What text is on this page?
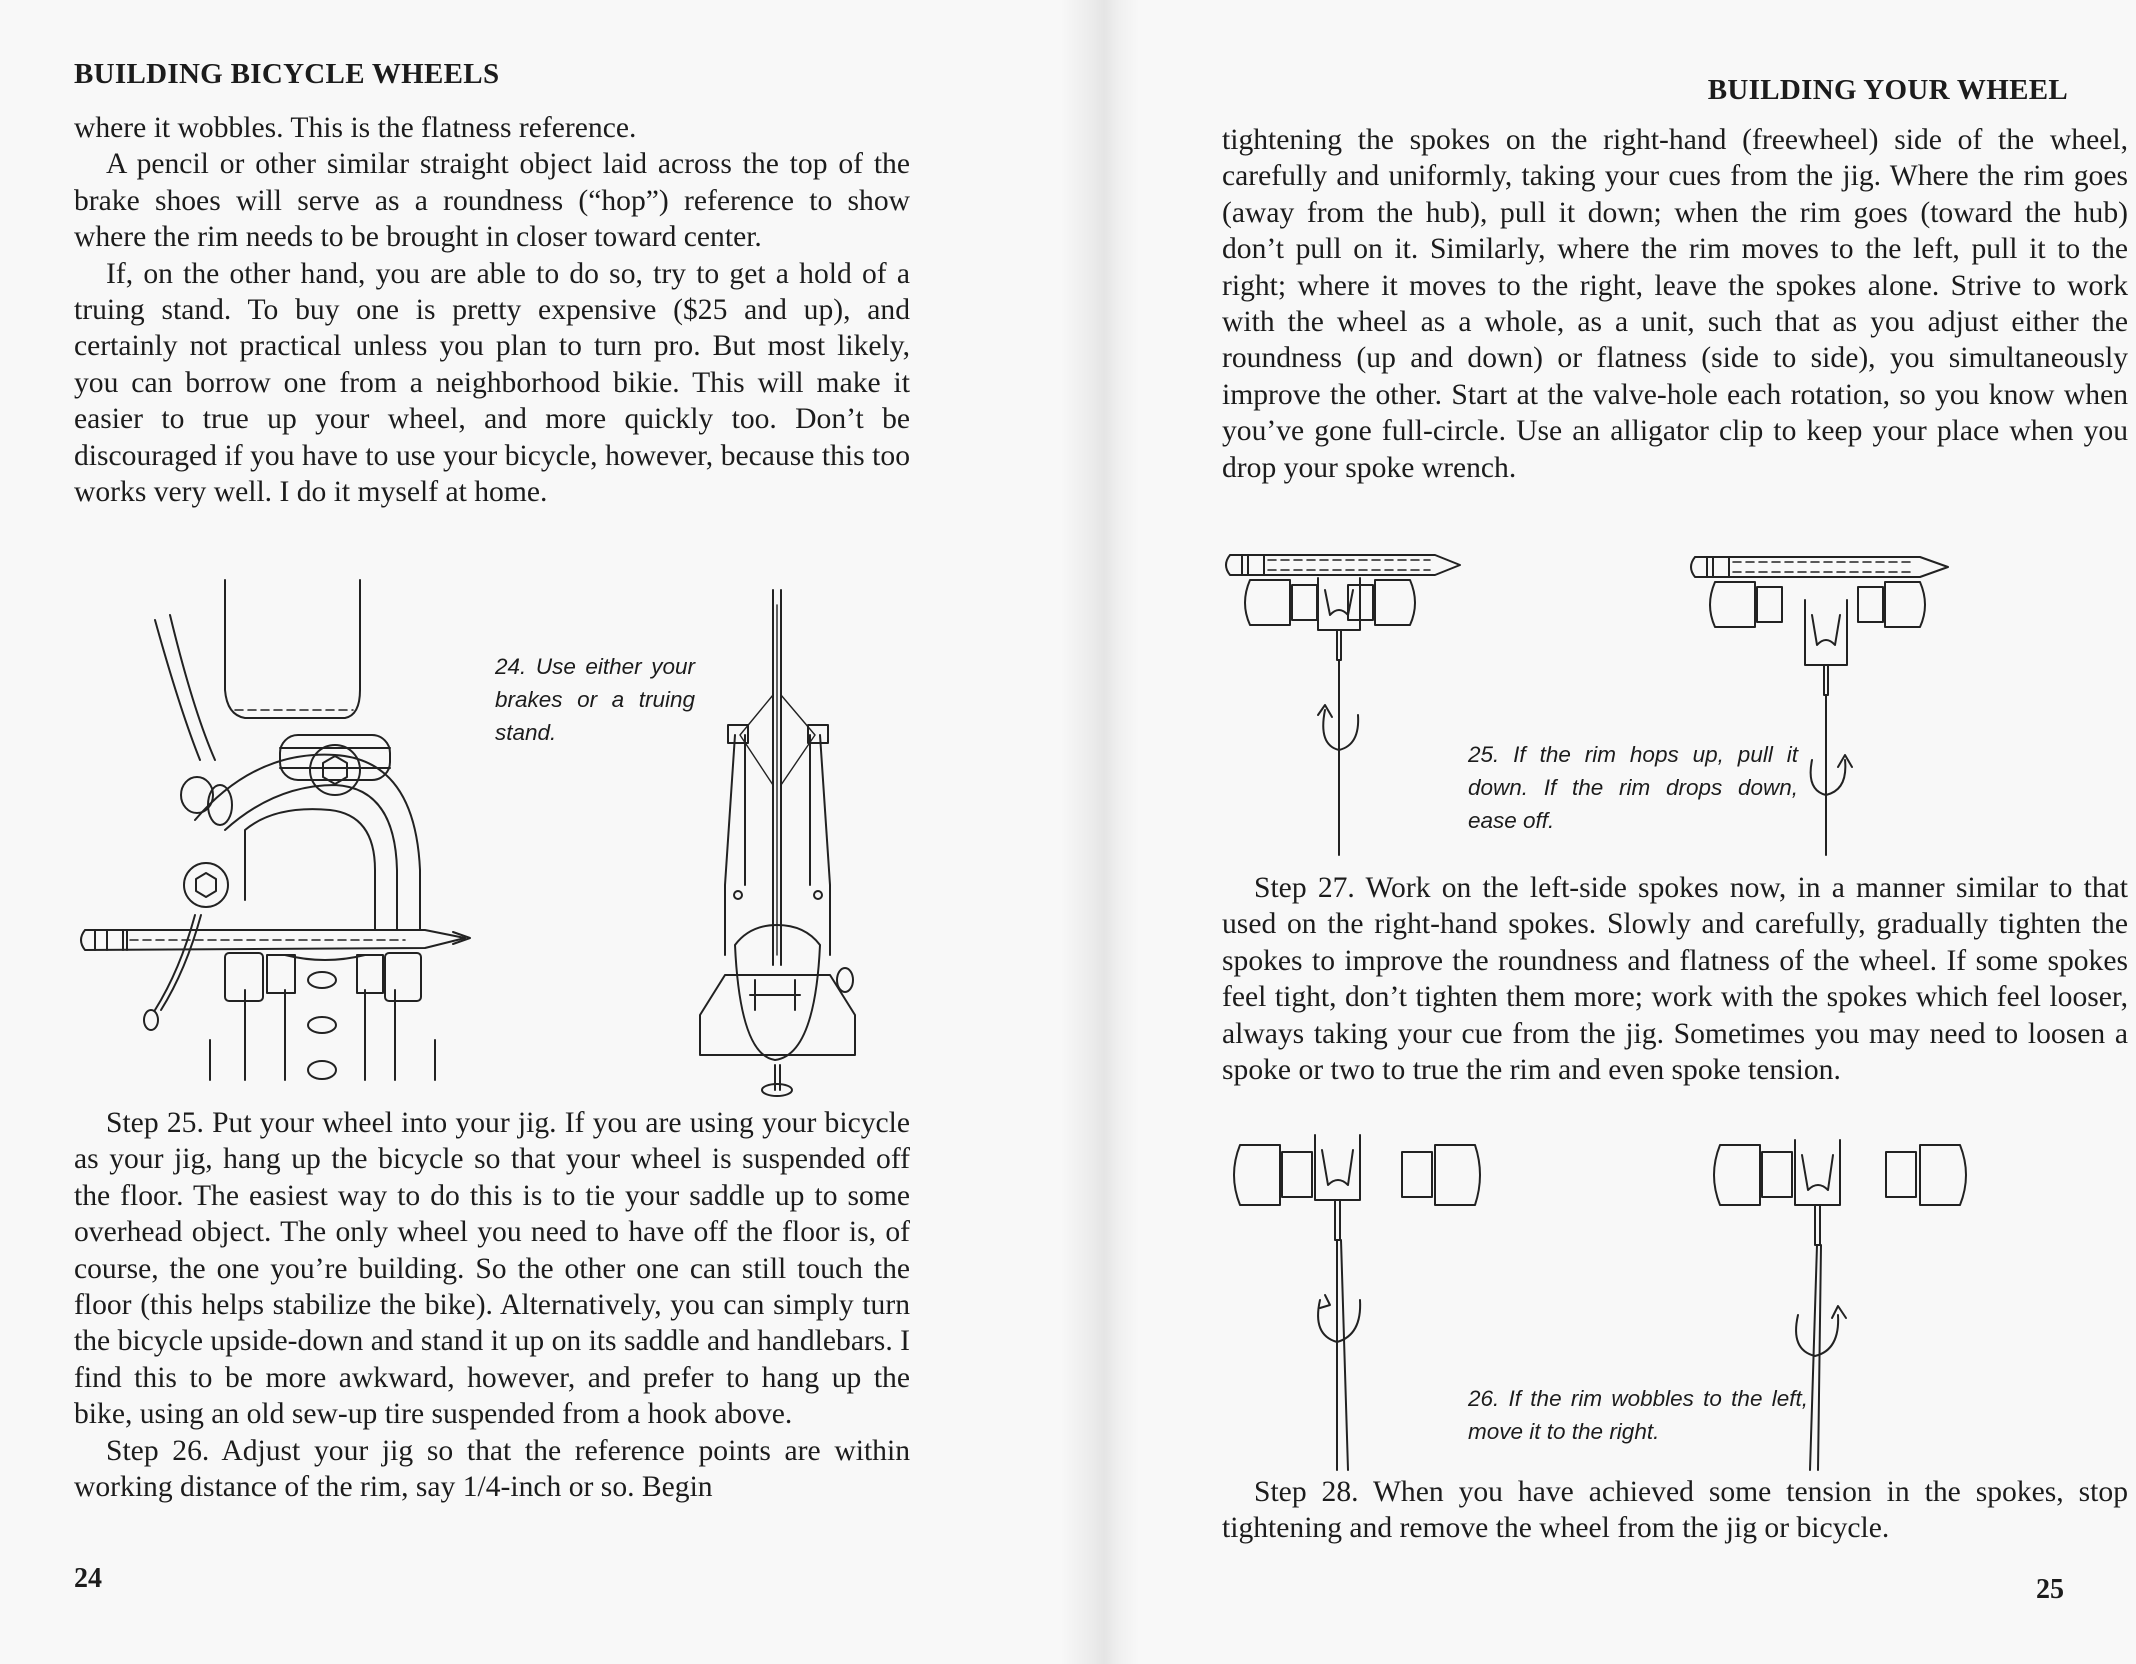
BUILDING BICYCLE WHEELS

where it wobbles. This is the flatness reference.

A pencil or other similar straight object laid across the top of the brake shoes will serve as a roundness (“hop”) reference to show where the rim needs to be brought in closer toward center.

If, on the other hand, you are able to do so, try to get a hold of a truing stand. To buy one is pretty expensive ($25 and up), and certainly not practical unless you plan to turn pro. But most likely, you can borrow one from a neighborhood bikie. This will make it easier to true up your wheel, and more quickly too. Don’t be discouraged if you have to use your bicycle, however, because this too works very well. I do it myself at home.

24. Use either your brakes or a truing stand.

Step 25. Put your wheel into your jig. If you are using your bicycle as your jig, hang up the bicycle so that your wheel is suspended off the floor. The easiest way to do this is to tie your saddle up to some overhead object. The only wheel you need to have off the floor is, of course, the one you’re building. So the other one can still touch the floor (this helps stabilize the bike). Alternatively, you can simply turn the bicycle upside-down and stand it up on its saddle and handlebars. I find this to be more awkward, however, and prefer to hang up the bike, using an old sew-up tire suspended from a hook above.

Step 26. Adjust your jig so that the reference points are within working distance of the rim, say 1/4-inch or so. Begin

24
BUILDING YOUR WHEEL

tightening the spokes on the right-hand (freewheel) side of the wheel, carefully and uniformly, taking your cues from the jig. Where the rim goes (away from the hub), pull it down; when the rim goes (toward the hub) don’t pull on it. Similarly, where the rim moves to the left, pull it to the right; where it moves to the right, leave the spokes alone. Strive to work with the wheel as a whole, as a unit, such that as you adjust either the roundness (up and down) or flatness (side to side), you simultaneously improve the other. Start at the valve-hole each rotation, so you know when you’ve gone full-circle. Use an alligator clip to keep your place when you drop your spoke wrench.

25. If the rim hops up, pull it down. If the rim drops down, ease off.

Step 27. Work on the left-side spokes now, in a manner similar to that used on the right-hand spokes. Slowly and carefully, gradually tighten the spokes to improve the roundness and flatness of the wheel. If some spokes feel tight, don’t tighten them more; work with the spokes which feel looser, always taking your cue from the jig. Sometimes you may need to loosen a spoke or two to true the rim and even spoke tension.

26. If the rim wobbles to the left, move it to the right.

Step 28. When you have achieved some tension in the spokes, stop tightening and remove the wheel from the jig or bicycle.

25
